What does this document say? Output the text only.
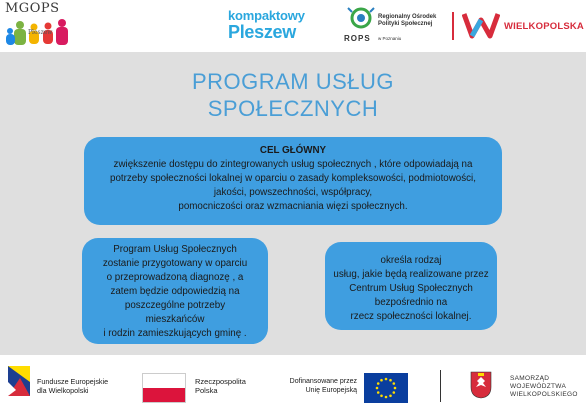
MGOPS
Pleszew
kompaktowy
Pleszew	ROPS
Regionalny Ośrodek
Polityki Społecznej
w Poznaniu
WIELKOPOLSKA
PROGRAM USŁUG
SPOŁECZNYCH
CEL GŁÓWNY
zwiększenie dostępu do zintegrowanych usług społecznych , które odpowiadają na
potrzeby społeczności lokalnej w oparciu o zasady kompleksowości, podmiotowości,
jakości, powszechności, współpracy,
pomocniczości oraz wzmacniania więzi społecznych.
Program Usług Społecznych
zostanie przygotowany w oparciu
o przeprowadzoną diagnozę , a
zatem będzie odpowiedzią na
poszczególne potrzeby
mieszkańców
i rodzin zamieszkujących gminę .
określa rodzaj
usług, jakie będą realizowane przez
Centrum Usług Społecznych
bezpośrednio na
rzecz społeczności lokalnej.
Fundusze Europejskie
dla Wielkopolski
Rzeczpospolita
Polska
Dofinansowane przez
Unię Europejską
SAMORZĄD
WOJEWÓDZTWA
WIELKOPOLSKIEGO
